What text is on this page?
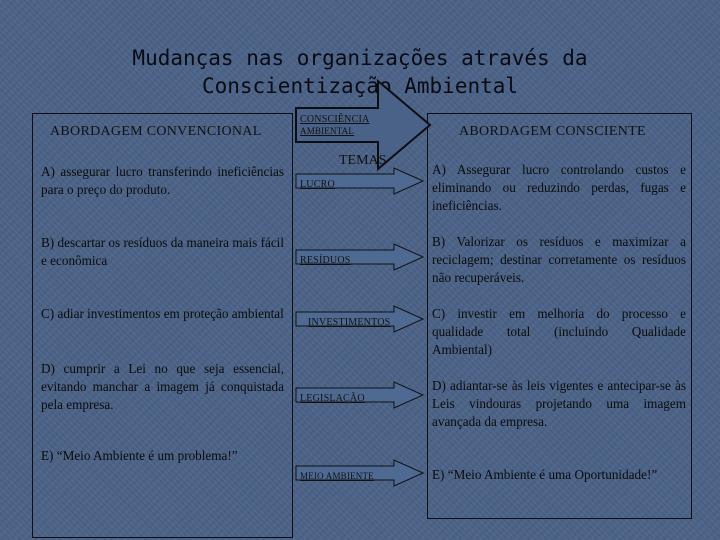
Mudanças nas organizações através da
Conscientização Ambiental
CONSCIÊNCIA
AMBIENTAL
ABORDAGEM CONVENCIONAL	ABORDAGEM CONSCIENTE
TEMAS
LUCRO
RESÍDUOS
INVESTIMENTOS
LEGISLAÇÃO
MEIO AMBIENTE
A) assegurar lucro transferindo ineficiências para o preço do produto.
B) descartar os resíduos da maneira mais fácil e econômica
C) adiar investimentos em proteção ambiental
D) cumprir a Lei no que seja essencial, evitando manchar a imagem já conquistada pela empresa.
E) “Meio Ambiente é um problema!”
A) Assegurar lucro controlando custos e eliminando ou reduzindo perdas, fugas e ineficiências.
B) Valorizar os resíduos e maximizar a reciclagem; destinar corretamente os resíduos não recuperáveis.
C) investir em melhoria do processo e qualidade total (incluindo Qualidade Ambiental)
D) adiantar-se às leis vigentes e antecipar-se às Leis vindouras projetando uma imagem avançada da empresa.
E) “Meio Ambiente é uma Oportunidade!”
